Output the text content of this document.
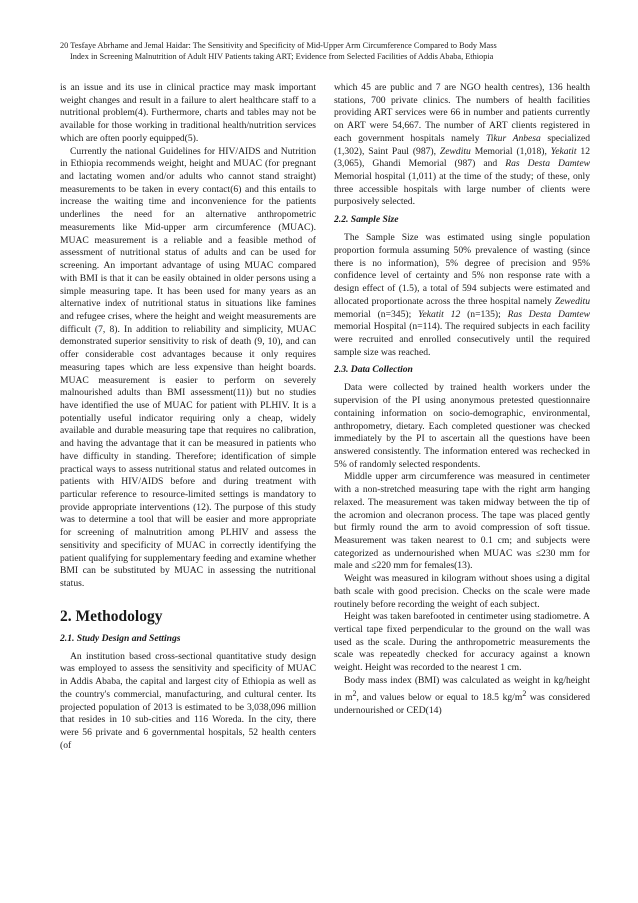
20 Tesfaye Abrhame and Jemal Haidar: The Sensitivity and Specificity of Mid-Upper Arm Circumference Compared to Body Mass
Index in Screening Malnutrition of Adult HIV Patients taking ART; Evidence from Selected Facilities of Addis Ababa, Ethiopia

is an issue and its use in clinical practice may mask important weight changes and result in a failure to alert healthcare staff to a nutritional problem(4). Furthermore, charts and tables may not be available for those working in traditional health/nutrition services which are often poorly equipped(5).

Currently the national Guidelines for HIV/AIDS and Nutrition in Ethiopia recommends weight, height and MUAC (for pregnant and lactating women and/or adults who cannot stand straight) measurements to be taken in every contact(6) and this entails to increase the waiting time and inconvenience for the patients underlines the need for an alternative anthropometric measurements like Mid-upper arm circumference (MUAC). MUAC measurement is a reliable and a feasible method of assessment of nutritional status of adults and can be used for screening. An important advantage of using MUAC compared with BMI is that it can be easily obtained in older persons using a simple measuring tape. It has been used for many years as an alternative index of nutritional status in situations like famines and refugee crises, where the height and weight measurements are difficult (7, 8). In addition to reliability and simplicity, MUAC demonstrated superior sensitivity to risk of death (9, 10), and can offer considerable cost advantages because it only requires measuring tapes which are less expensive than height boards. MUAC measurement is easier to perform on severely malnourished adults than BMI assessment(11)) but no studies have identified the use of MUAC for patient with PLHIV. It is a potentially useful indicator requiring only a cheap, widely available and durable measuring tape that requires no calibration, and having the advantage that it can be measured in patients who have difficulty in standing. Therefore; identification of simple practical ways to assess nutritional status and related outcomes in patients with HIV/AIDS before and during treatment with particular reference to resource-limited settings is mandatory to provide appropriate interventions (12). The purpose of this study was to determine a tool that will be easier and more appropriate for screening of malnutrition among PLHIV and assess the sensitivity and specificity of MUAC in correctly identifying the patient qualifying for supplementary feeding and examine whether BMI can be substituted by MUAC in assessing the nutritional status.

2. Methodology
2.1. Study Design and Settings

An institution based cross-sectional quantitative study design was employed to assess the sensitivity and specificity of MUAC in Addis Ababa, the capital and largest city of Ethiopia as well as the country's commercial, manufacturing, and cultural center. Its projected population of 2013 is estimated to be 3,038,096 million that resides in 10 sub-cities and 116 Woreda. In the city, there were 56 private and 6 governmental hospitals, 52 health centers (of

which 45 are public and 7 are NGO health centres), 136 health stations, 700 private clinics. The numbers of health facilities providing ART services were 66 in number and patients currently on ART were 54,667. The number of ART clients registered in each government hospitals namely Tikur Anbesa specialized (1,302), Saint Paul (987), Zewditu Memorial (1,018), Yekatit 12 (3,065), Ghandi Memorial (987) and Ras Desta Damtew Memorial hospital (1,011) at the time of the study; of these, only three accessible hospitals with large number of clients were purposively selected.

2.2. Sample Size

The Sample Size was estimated using single population proportion formula assuming 50% prevalence of wasting (since there is no information), 5% degree of precision and 95% confidence level of certainty and 5% non response rate with a design effect of (1.5), a total of 594 subjects were estimated and allocated proportionate across the three hospital namely Zeweditu memorial (n=345); Yekatit 12 (n=135); Ras Desta Damtew memorial Hospital (n=114). The required subjects in each facility were recruited and enrolled consecutively until the required sample size was reached.

2.3. Data Collection

Data were collected by trained health workers under the supervision of the PI using anonymous pretested questionnaire containing information on socio-demographic, environmental, anthropometry, dietary. Each completed questioner was checked immediately by the PI to ascertain all the questions have been answered consistently. The information entered was rechecked in 5% of randomly selected respondents.

Middle upper arm circumference was measured in centimeter with a non-stretched measuring tape with the right arm hanging relaxed. The measurement was taken midway between the tip of the acromion and olecranon process. The tape was placed gently but firmly round the arm to avoid compression of soft tissue. Measurement was taken nearest to 0.1 cm; and subjects were categorized as undernourished when MUAC was ≤230 mm for male and ≤220 mm for females(13).

Weight was measured in kilogram without shoes using a digital bath scale with good precision. Checks on the scale were made routinely before recording the weight of each subject.

Height was taken barefooted in centimeter using stadiometre. A vertical tape fixed perpendicular to the ground on the wall was used as the scale. During the anthropometric measurements the scale was repeatedly checked for accuracy against a known weight. Height was recorded to the nearest 1 cm.

Body mass index (BMI) was calculated as weight in kg/height in $m^2$, and values below or equal to 18.5 $kg/m^2$ was considered undernourished or CED(14)
